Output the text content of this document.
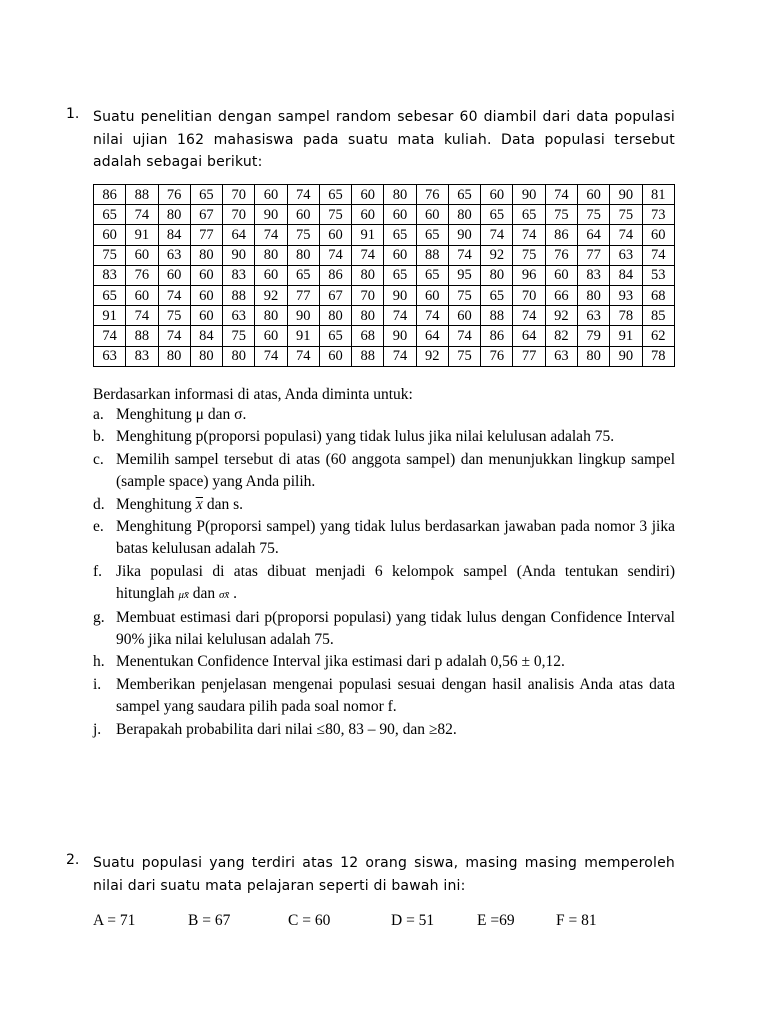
1. Suatu penelitian dengan sampel random sebesar 60 diambil dari data populasi nilai ujian 162 mahasiswa pada suatu mata kuliah. Data populasi tersebut adalah sebagai berikut:
86	88	76	65	70	60	74	65	60	80	76	65	60	90	74	60	90	81
65	74	80	67	70	90	60	75	60	60	60	80	65	65	75	75	75	73
60	91	84	77	64	74	75	60	91	65	65	90	74	74	86	64	74	60
75	60	63	80	90	80	80	74	74	60	88	74	92	75	76	77	63	74
83	76	60	60	83	60	65	86	80	65	65	95	80	96	60	83	84	53
65	60	74	60	88	92	77	67	70	90	60	75	65	70	66	80	93	68
91	74	75	60	63	80	90	80	80	74	74	60	88	74	92	63	78	85
74	88	74	84	75	60	91	65	68	90	64	74	86	64	82	79	91	62
63	83	80	80	80	74	74	60	88	74	92	75	76	77	63	80	90	78
Berdasarkan informasi di atas, Anda diminta untuk:
a. Menghitung μ dan σ.
b. Menghitung p(proporsi populasi) yang tidak lulus jika nilai kelulusan adalah 75.
c. Memilih sampel tersebut di atas (60 anggota sampel) dan menunjukkan lingkup sampel (sample space) yang Anda pilih.
d. Menghitung $\overline{X}$ dan s.
e. Menghitung P(proporsi sampel) yang tidak lulus berdasarkan jawaban pada nomor 3 jika batas kelulusan adalah 75.
f. Jika populasi di atas dibuat menjadi 6 kelompok sampel (Anda tentukan sendiri) hitunglah μx̄ dan σx̄ .
g. Membuat estimasi dari p(proporsi populasi) yang tidak lulus dengan Confidence Interval 90% jika nilai kelulusan adalah 75.
h. Menentukan Confidence Interval jika estimasi dari p adalah 0,56 ± 0,12.
i. Memberikan penjelasan mengenai populasi sesuai dengan hasil analisis Anda atas data sampel yang saudara pilih pada soal nomor f.
j. Berapakah probabilita dari nilai ≤80, 83 – 90, dan ≥82.
2. Suatu populasi yang terdiri atas 12 orang siswa, masing masing memperoleh nilai dari suatu mata pelajaran seperti di bawah ini:
A = 71	B = 67	C = 60	D = 51	E =69	F = 81
